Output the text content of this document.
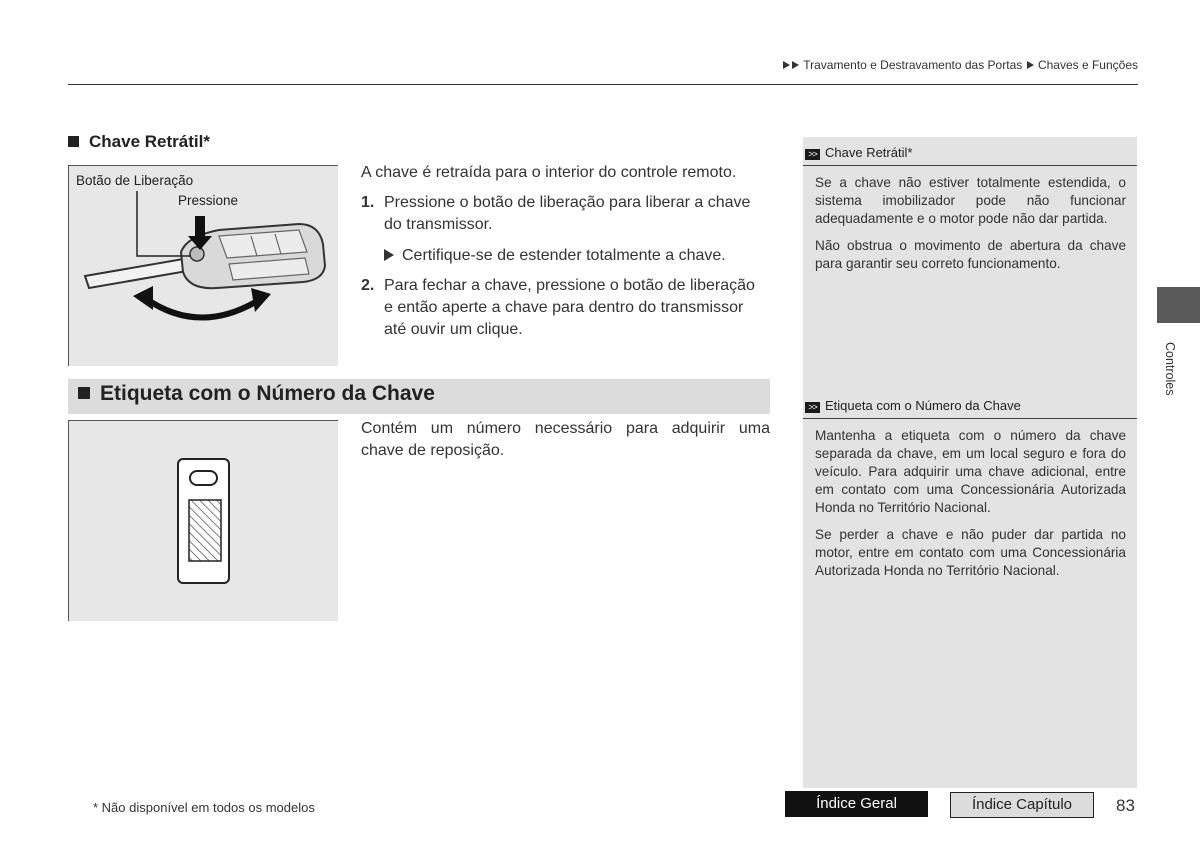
Travamento e Destravamento das Portas Chaves e Funções
Chave Retrátil*
Botão de Liberação
Pressione
A chave é retraída para o interior do controle remoto.
1. Pressione o botão de liberação para liberar a chave
do transmissor.
Certifique-se de estender totalmente a chave.
2. Para fechar a chave, pressione o botão de liberação
e então aperte a chave para dentro do transmissor
até ouvir um clique.
Etiqueta com o Número da Chave
Contém um número necessário para adquirir uma
chave de reposição.
>> Chave Retrátil*

Se a chave não estiver totalmente estendida, o sistema imobilizador pode não funcionar adequadamente e o motor pode não dar partida.

Não obstrua o movimento de abertura da chave para garantir seu correto funcionamento.

>> Etiqueta com o Número da Chave

Mantenha a etiqueta com o número da chave separada da chave, em um local seguro e fora do veículo. Para adquirir uma chave adicional, entre em contato com uma Concessionária Autorizada Honda no Território Nacional.

Se perder a chave e não puder dar partida no motor, entre em contato com uma Concessionária Autorizada Honda no Território Nacional.

Controles
* Não disponível em todos os modelos	Índice Geral	Índice Capítulo	83
